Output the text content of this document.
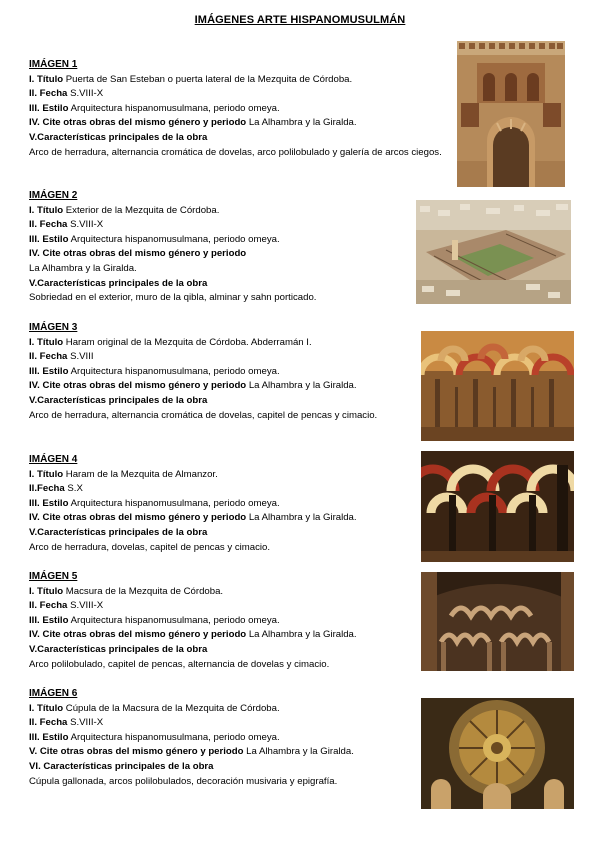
IMÁGENES ARTE HISPANOMUSULMÁN
IMÁGEN 1
I. Título Puerta de San Esteban o puerta lateral de la Mezquita de Córdoba.
II. Fecha S.VIII-X
III. Estilo Arquitectura hispanomusulmana, periodo omeya.
IV. Cite otras obras del mismo género y periodo La Alhambra y la Giralda.
V.Características principales de la obra
Arco de herradura, alternancia cromática de dovelas, arco polilobulado y galería de arcos ciegos.
IMÁGEN 2
I. Título Exterior de la Mezquita de Córdoba.
II. Fecha S.VIII-X
III. Estilo Arquitectura hispanomusulmana, periodo omeya.
IV. Cite otras obras del mismo género y periodo
La Alhambra y la Giralda.
V.Características principales de la obra
Sobriedad en el exterior, muro de la qibla, alminar y sahn porticado.
IMÁGEN 3
I. Título Haram original de la Mezquita de Córdoba. Abderramán I.
II. Fecha S.VIII
III. Estilo Arquitectura hispanomusulmana, periodo omeya.
IV. Cite otras obras del mismo género y periodo La Alhambra y la Giralda.
V.Características principales de la obra
Arco de herradura, alternancia cromática de dovelas, capitel de pencas y cimacio.
IMÁGEN 4
I. Título Haram de la Mezquita de Almanzor.
II.Fecha S.X
III. Estilo Arquitectura hispanomusulmana, periodo omeya.
IV. Cite otras obras del mismo género y periodo La Alhambra y la Giralda.
V.Características principales de la obra
Arco de herradura, dovelas, capitel de pencas y cimacio.
IMÁGEN 5
I. Título Macsura de la Mezquita de Córdoba.
II. Fecha S.VIII-X
III. Estilo Arquitectura hispanomusulmana, periodo omeya.
IV. Cite otras obras del mismo género y periodo La Alhambra y la Giralda.
V.Características principales de la obra
Arco polilobulado, capitel de pencas, alternancia de dovelas y cimacio.
IMÁGEN 6
I. Título Cúpula de la Macsura de la Mezquita de Córdoba.
II. Fecha S.VIII-X
III. Estilo Arquitectura hispanomusulmana, periodo omeya.
V. Cite otras obras del mismo género y periodo La Alhambra y la Giralda.
VI. Características principales de la obra
Cúpula gallonada, arcos polilobulados, decoración musivaria y epigrafía.
